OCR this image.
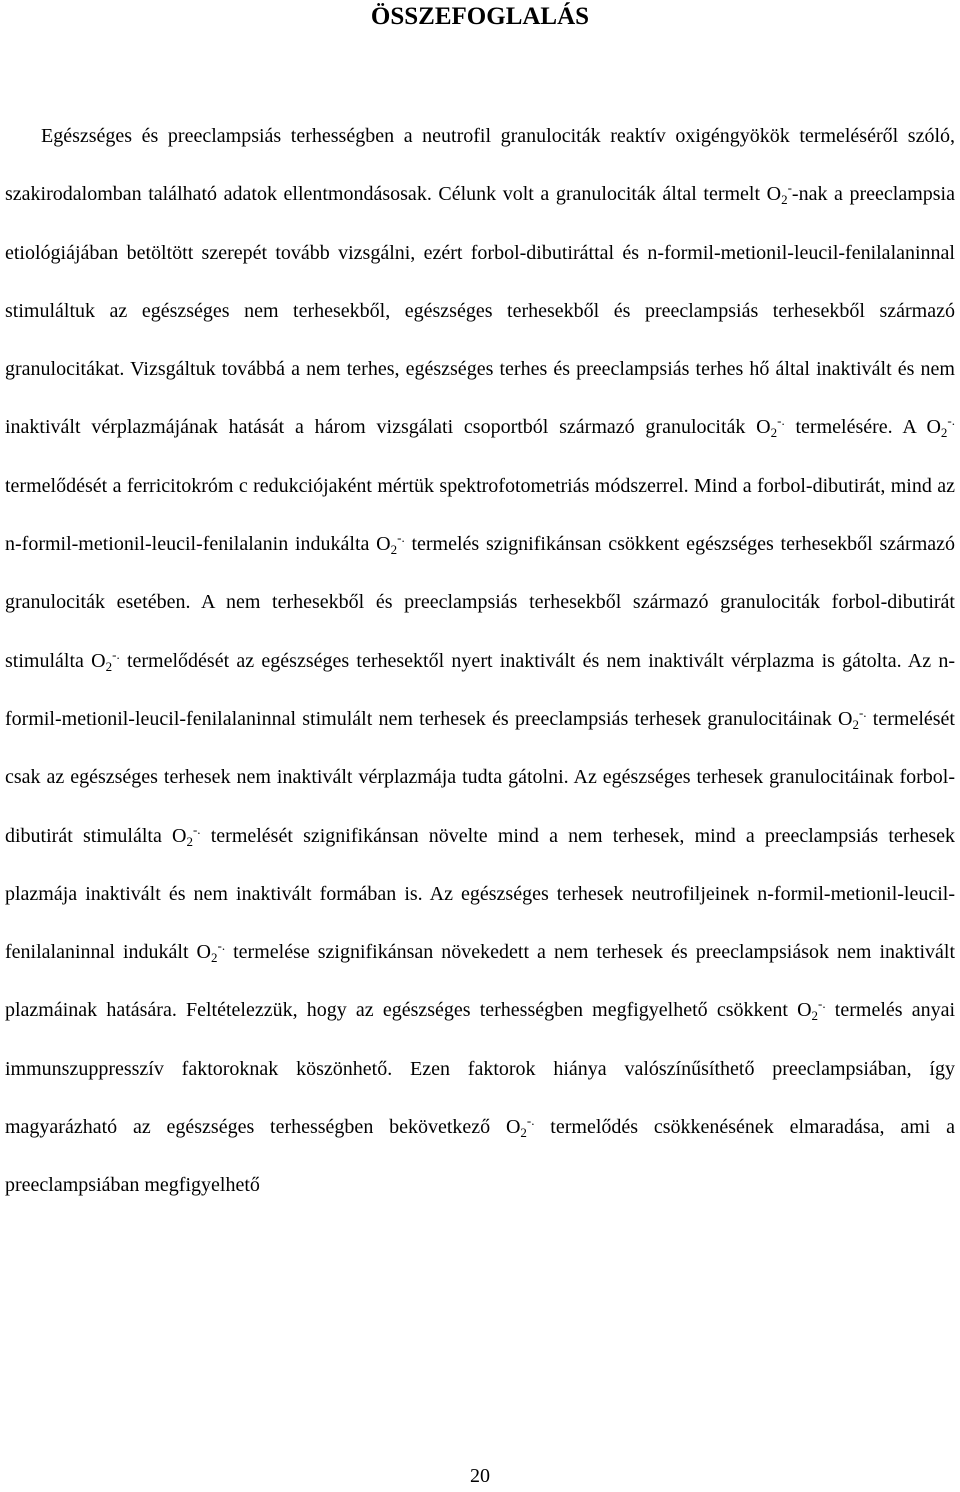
ÖSSZEFOGLALÁS

Egészséges és preeclampsiás terhességben a neutrofil granulociták reaktív oxigéngyökök termeléséről szóló, szakirodalomban található adatok ellentmondásosak. Célunk volt a granulociták által termelt $O_2^-$-nak a preeclampsia etiológiájában betöltött szerepét tovább vizsgálni, ezért forbol-dibutiráttal és n-formil-metionil-leucil-fenilalaninnal stimuláltuk az egészséges nem terhesekből, egészséges terhesekből és preeclampsiás terhesekből származó granulocitákat. Vizsgáltuk továbbá a nem terhes, egészséges terhes és preeclampsiás terhes hő által inaktivált és nem inaktivált vérplazmájának hatását a három vizsgálati csoportból származó granulociták $O_2^{-.}$ termelésére. A $O_2^{-.}$ termelődését a ferricitokróm c redukciójaként mértük spektrofotometriás módszerrel. Mind a forbol-dibutirát, mind az n-formil-metionil-leucil-fenilalanin indukálta $O_2^{-.}$ termelés szignifikánsan csökkent egészséges terhesekből származó granulociták esetében. A nem terhesekből és preeclampsiás terhesekből származó granulociták forbol-dibutirát stimulálta $O_2^{-.}$ termelődését az egészséges terhesektől nyert inaktivált és nem inaktivált vérplazma is gátolta. Az n-formil-metionil-leucil-fenilalaninnal stimulált nem terhesek és preeclampsiás terhesek granulocitáinak $O_2^{-.}$ termelését csak az egészséges terhesek nem inaktivált vérplazmája tudta gátolni. Az egészséges terhesek granulocitáinak forbol-dibutirát stimulálta $O_2^{-.}$ termelését szignifikánsan növelte mind a nem terhesek, mind a preeclampsiás terhesek plazmája inaktivált és nem inaktivált formában is. Az egészséges terhesek neutrofiljeinek n-formil-metionil-leucil-fenilalaninnal indukált $O_2^{-.}$ termelése szignifikánsan növekedett a nem terhesek és preeclampsiások nem inaktivált plazmáinak hatására. Feltételezzük, hogy az egészséges terhességben megfigyelhető csökkent $O_2^{-.}$ termelés anyai immunszuppresszív faktoroknak köszönhető. Ezen faktorok hiánya valószínűsíthető preeclampsiában, így magyarázható az egészséges terhességben bekövetkező $O_2^{-.}$ termelődés csökkenésének elmaradása, ami a preeclampsiában megfigyelhető

20
